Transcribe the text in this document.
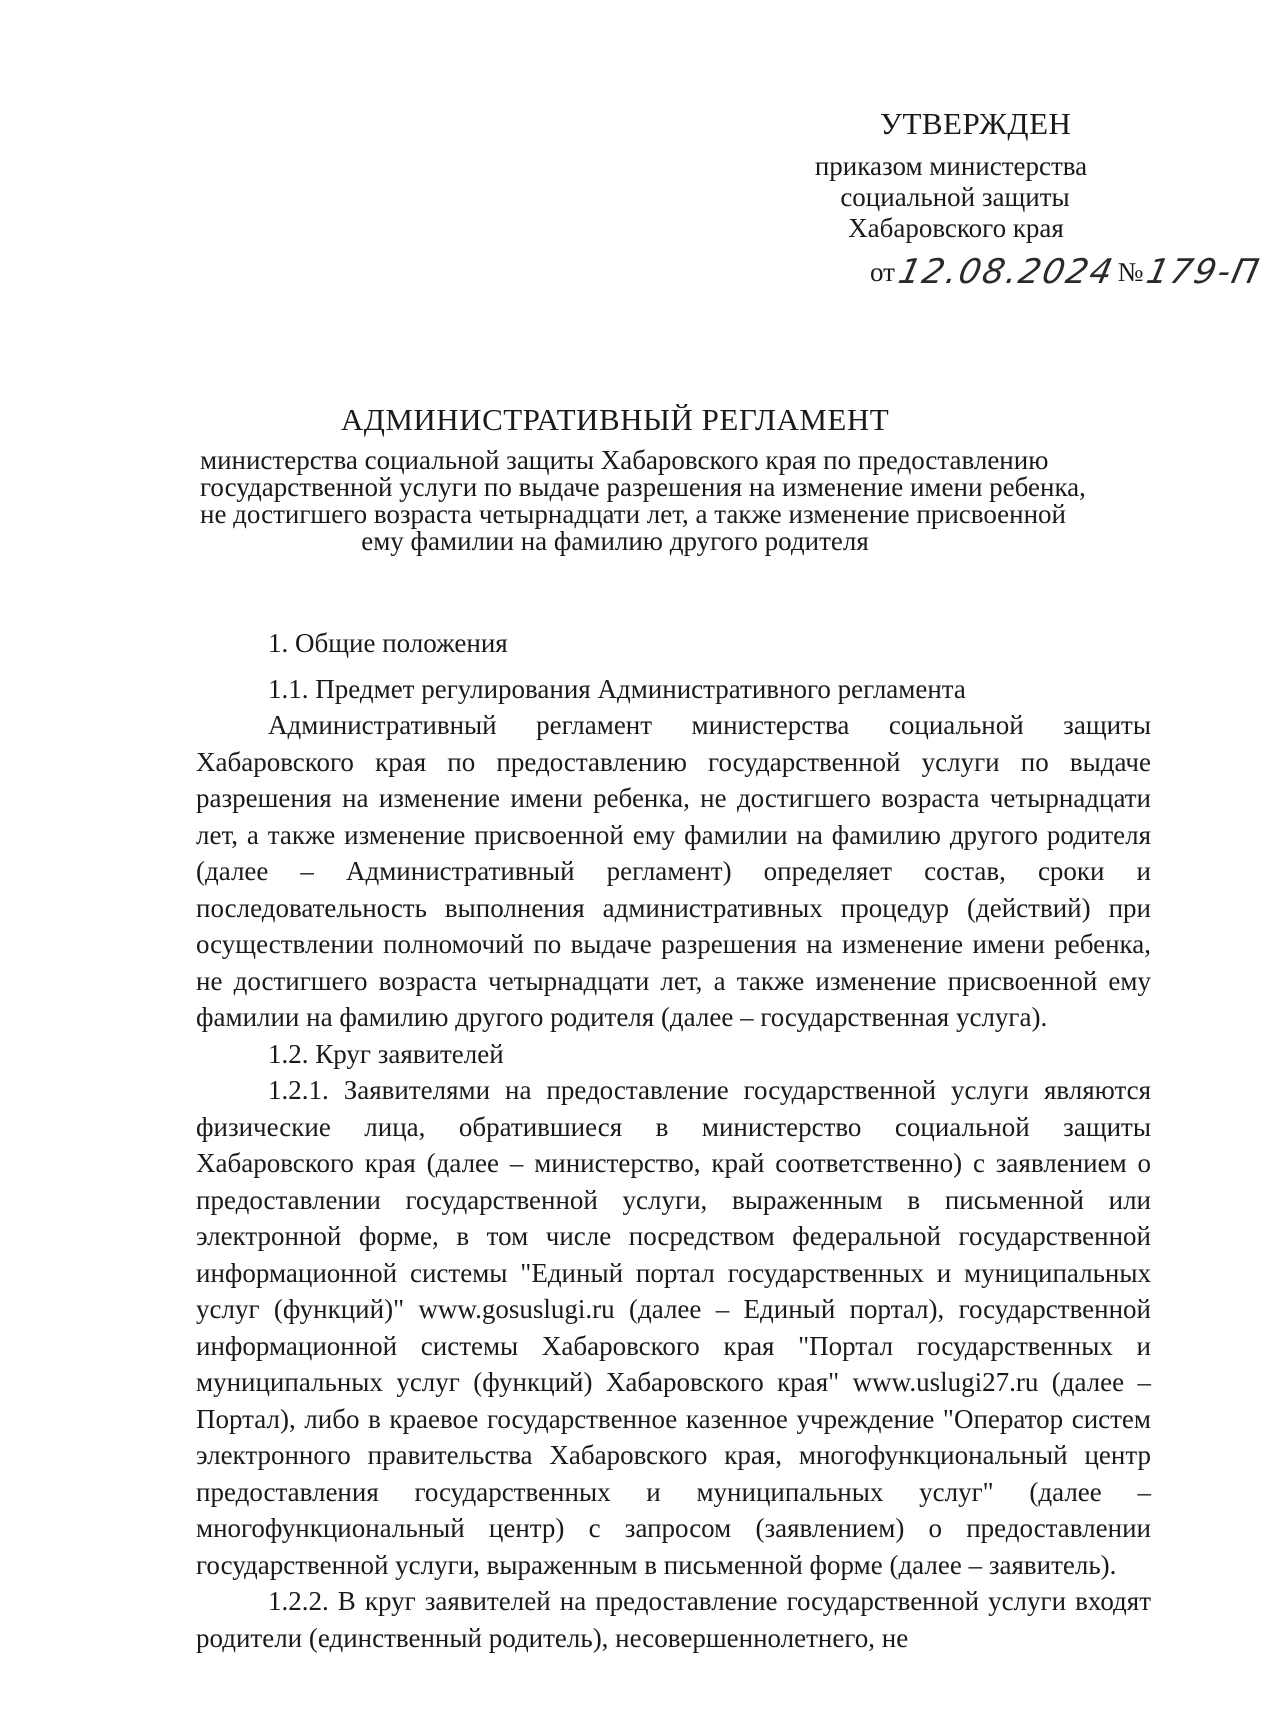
УТВЕРЖДЕН
приказом министерства
социальной защиты
Хабаровского края
от 12.08.2024 № 179-П
АДМИНИСТРАТИВНЫЙ РЕГЛАМЕНТ
министерства социальной защиты Хабаровского края по предоставлению
государственной услуги по выдаче разрешения на изменение имени ребенка,
не достигшего возраста четырнадцати лет, а также изменение присвоенной
ему фамилии на фамилию другого родителя

1. Общие положения

1.1. Предмет регулирования Административного регламента

Административный регламент министерства социальной защиты Хабаровского края по предоставлению государственной услуги по выдаче разрешения на изменение имени ребенка, не достигшего возраста четырнадцати лет, а также изменение присвоенной ему фамилии на фамилию другого родителя (далее – Административный регламент) определяет состав, сроки и последовательность выполнения административных процедур (действий) при осуществлении полномочий по выдаче разрешения на изменение имени ребенка, не достигшего возраста четырнадцати лет, а также изменение присвоенной ему фамилии на фамилию другого родителя (далее – государственная услуга).

1.2. Круг заявителей

1.2.1. Заявителями на предоставление государственной услуги являются физические лица, обратившиеся в министерство социальной защиты Хабаровского края (далее – министерство, край соответственно) с заявлением о предоставлении государственной услуги, выраженным в письменной или электронной форме, в том числе посредством федеральной государственной информационной системы "Единый портал государственных и муниципальных услуг (функций)" www.gosuslugi.ru (далее – Единый портал), государственной информационной системы Хабаровского края "Портал государственных и муниципальных услуг (функций) Хабаровского края" www.uslugi27.ru (далее – Портал), либо в краевое государственное казенное учреждение "Оператор систем электронного правительства Хабаровского края, многофункциональный центр предоставления государственных и муниципальных услуг" (далее – многофункциональный центр) с запросом (заявлением) о предоставлении государственной услуги, выраженным в письменной форме (далее – заявитель).

1.2.2. В круг заявителей на предоставление государственной услуги входят родители (единственный родитель), несовершеннолетнего, не
